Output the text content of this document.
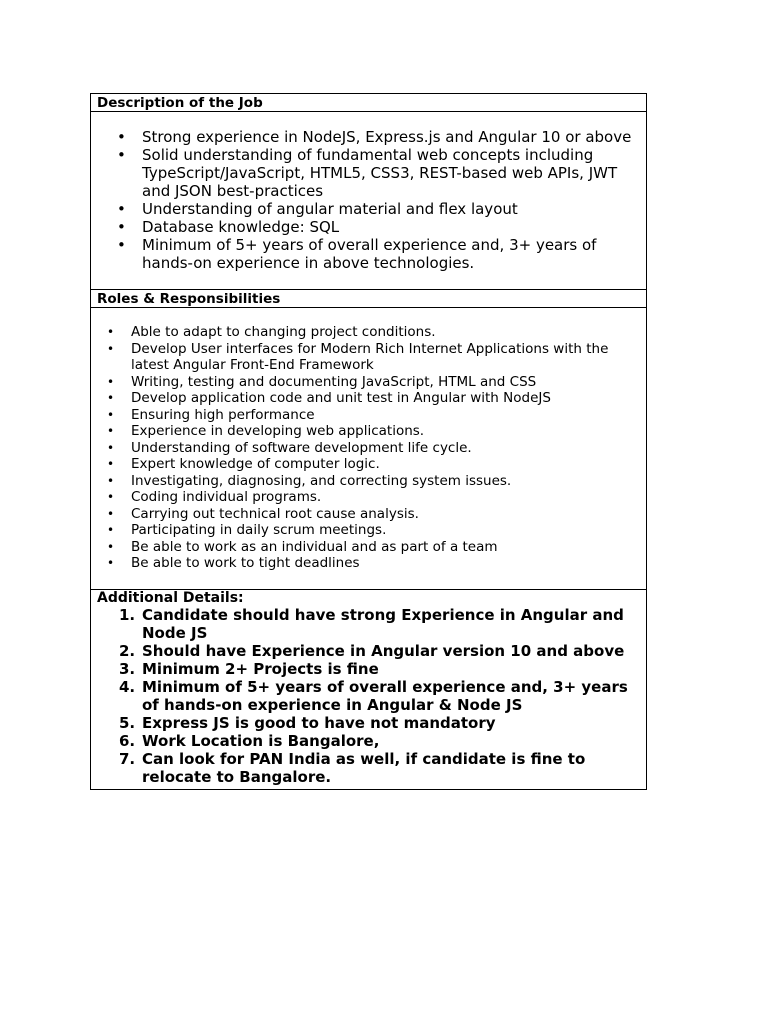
Description of the Job
• Strong experience in NodeJS, Express.js and Angular 10 or above
• Solid understanding of fundamental web concepts including TypeScript/JavaScript, HTML5, CSS3, REST-based web APIs, JWT and JSON best-practices
• Understanding of angular material and flex layout
• Database knowledge: SQL
• Minimum of 5+ years of overall experience and, 3+ years of hands-on experience in above technologies.
Roles & Responsibilities
• Able to adapt to changing project conditions.
• Develop User interfaces for Modern Rich Internet Applications with the latest Angular Front-End Framework
• Writing, testing and documenting JavaScript, HTML and CSS
• Develop application code and unit test in Angular with NodeJS
• Ensuring high performance
• Experience in developing web applications.
• Understanding of software development life cycle.
• Expert knowledge of computer logic.
• Investigating, diagnosing, and correcting system issues.
• Coding individual programs.
• Carrying out technical root cause analysis.
• Participating in daily scrum meetings.
• Be able to work as an individual and as part of a team
• Be able to work to tight deadlines
Additional Details:
1. Candidate should have strong Experience in Angular and Node JS
2. Should have Experience in Angular version 10 and above
3. Minimum 2+ Projects is fine
4. Minimum of 5+ years of overall experience and, 3+ years of hands-on experience in Angular & Node JS
5. Express JS is good to have not mandatory
6. Work Location is Bangalore,
7. Can look for PAN India as well, if candidate is fine to relocate to Bangalore.
